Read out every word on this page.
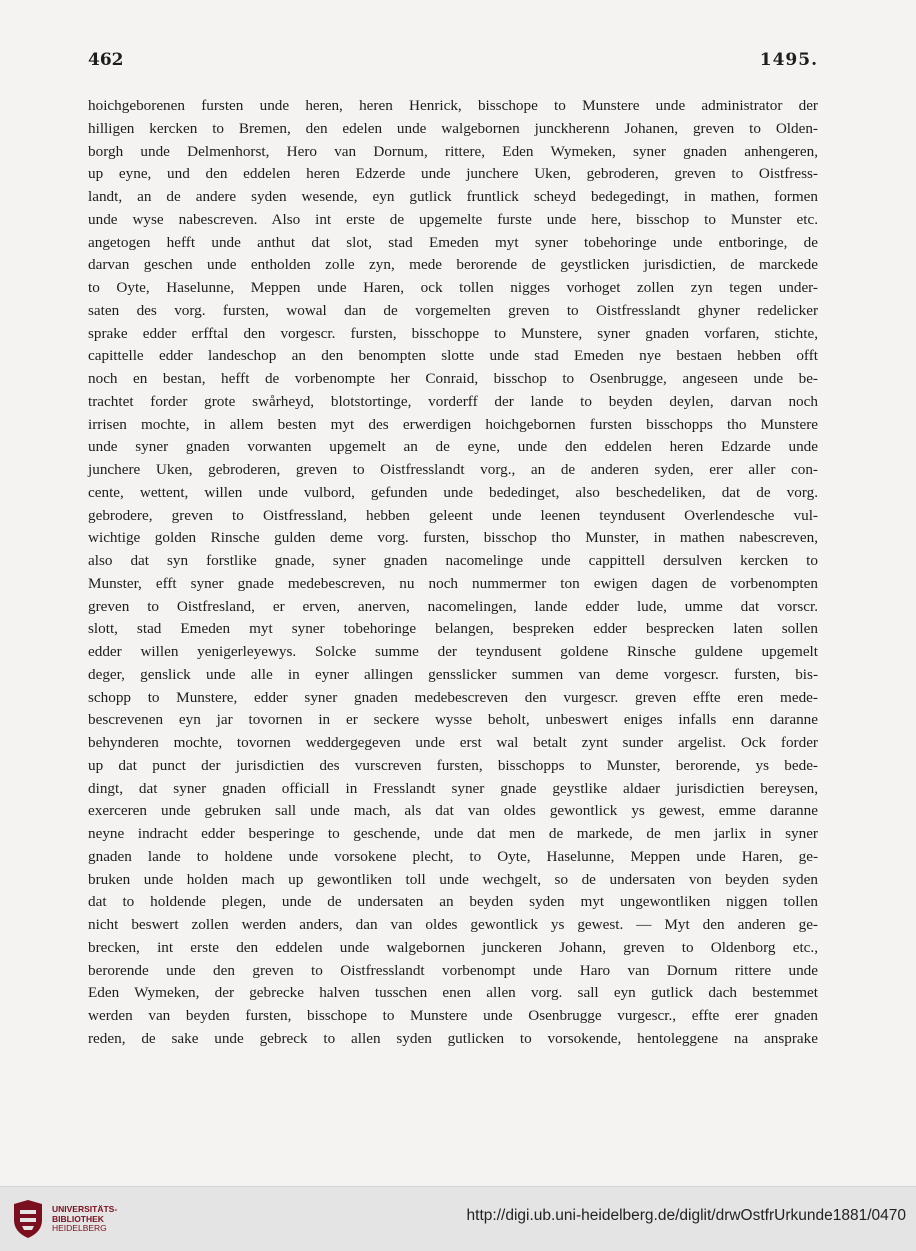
462	1495.
hoichgeborenen fursten unde heren, heren Henrick, bisschope to Munstere unde administrator der
hilligen kercken to Bremen, den edelen unde walgebornen junckherenn Johanen, greven to Olden-
borgh unde Delmenhorst, Hero van Dornum, rittere, Eden Wymeken, syner gnaden anhengeren,
up eyne, und den eddelen heren Edzerde unde junchere Uken, gebroderen, greven to Oistfress-
landt, an de andere syden wesende, eyn gutlick fruntlick scheyd bedegedingt, in mathen, formen
unde wyse nabescreven. Also int erste de upgemelte furste unde here, bisschop to Munster etc.
angetogen hefft unde anthut dat slot, stad Emeden myt syner tobehoringe unde entboringe, de
darvan geschen unde entholden zolle zyn, mede berorende de geystlicken jurisdictien, de marckede
to Oyte, Haselunne, Meppen unde Haren, ock tollen nigges vorhoget zollen zyn tegen under-
saten des vorg. fursten, wowal dan de vorgemelten greven to Oistfresslandt ghyner redelicker
sprake edder erfftal den vorgescr. fursten, bisschoppe to Munstere, syner gnaden vorfaren, stichte,
capittelle edder landeschop an den benompten slotte unde stad Emeden nye bestaen hebben offt
noch en bestan, hefft de vorbenompte her Conraid, bisschop to Osenbrugge, angeseen unde be-
trachtet forder grote swårheyd, blotstortinge, vorderff der lande to beyden deylen, darvan noch
irrisen mochte, in allem besten myt des erwerdigen hoichgebornen fursten bisschopps tho Munstere
unde syner gnaden vorwanten upgemelt an de eyne, unde den eddelen heren Edzarde unde
junchere Uken, gebroderen, greven to Oistfresslandt vorg., an de anderen syden, erer aller con-
cente, wettent, willen unde vulbord, gefunden unde bededinget, also beschedeliken, dat de vorg.
gebrodere, greven to Oistfressland, hebben geleent unde leenen teyndusent Overlendesche vul-
wichtige golden Rinsche gulden deme vorg. fursten, bisschop tho Munster, in mathen nabescreven,
also dat syn forstlike gnade, syner gnaden nacomelinge unde cappittell dersulven kercken to
Munster, efft syner gnade medebescreven, nu noch nummermer ton ewigen dagen de vorbenompten
greven to Oistfresland, er erven, anerven, nacomelingen, lande edder lude, umme dat vorscr.
slott, stad Emeden myt syner tobehoringe belangen, bespreken edder besprecken laten sollen
edder willen yenigerleyewys. Solcke summe der teyndusent goldene Rinsche guldene upgemelt
deger, genslick unde alle in eyner allingen gensslicker summen van deme vorgescr. fursten, bis-
schopp to Munstere, edder syner gnaden medebescreven den vurgescr. greven effte eren mede-
bescrevenen eyn jar tovornen in er seckere wysse beholt, unbeswert eniges infalls enn daranne
behynderen mochte, tovornen weddergegeven unde erst wal betalt zynt sunder argelist. Ock forder
up dat punct der jurisdictien des vurscreven fursten, bisschopps to Munster, berorende, ys bede-
dingt, dat syner gnaden officiall in Fresslandt syner gnade geystlike aldaer jurisdictien bereysen,
exerceren unde gebruken sall unde mach, als dat van oldes gewontlick ys gewest, emme daranne
neyne indracht edder besperinge to geschende, unde dat men de markede, de men jarlix in syner
gnaden lande to holdene unde vorsokene plecht, to Oyte, Haselunne, Meppen unde Haren, ge-
bruken unde holden mach up gewontliken toll unde wechgelt, so de undersaten von beyden syden
dat to holdende plegen, unde de undersaten an beyden syden myt ungewontliken niggen tollen
nicht beswert zollen werden anders, dan van oldes gewontlick ys gewest. — Myt den anderen ge-
brecken, int erste den eddelen unde walgebornen junckeren Johann, greven to Oldenborg etc.,
berorende unde den greven to Oistfresslandt vorbenompt unde Haro van Dornum rittere unde
Eden Wymeken, der gebrecke halven tusschen enen allen vorg. sall eyn gutlick dach bestemmet
werden van beyden fursten, bisschope to Munstere unde Osenbrugge vurgescr., effte erer gnaden
reden, de sake unde gebreck to allen syden gutlicken to vorsokende, hentoleggene na ansprake
UNIVERSITÄTS-
BIBLIOTHEK
HEIDELBERG
http://digi.ub.uni-heidelberg.de/diglit/drwOstfrUrkunde1881/0470
